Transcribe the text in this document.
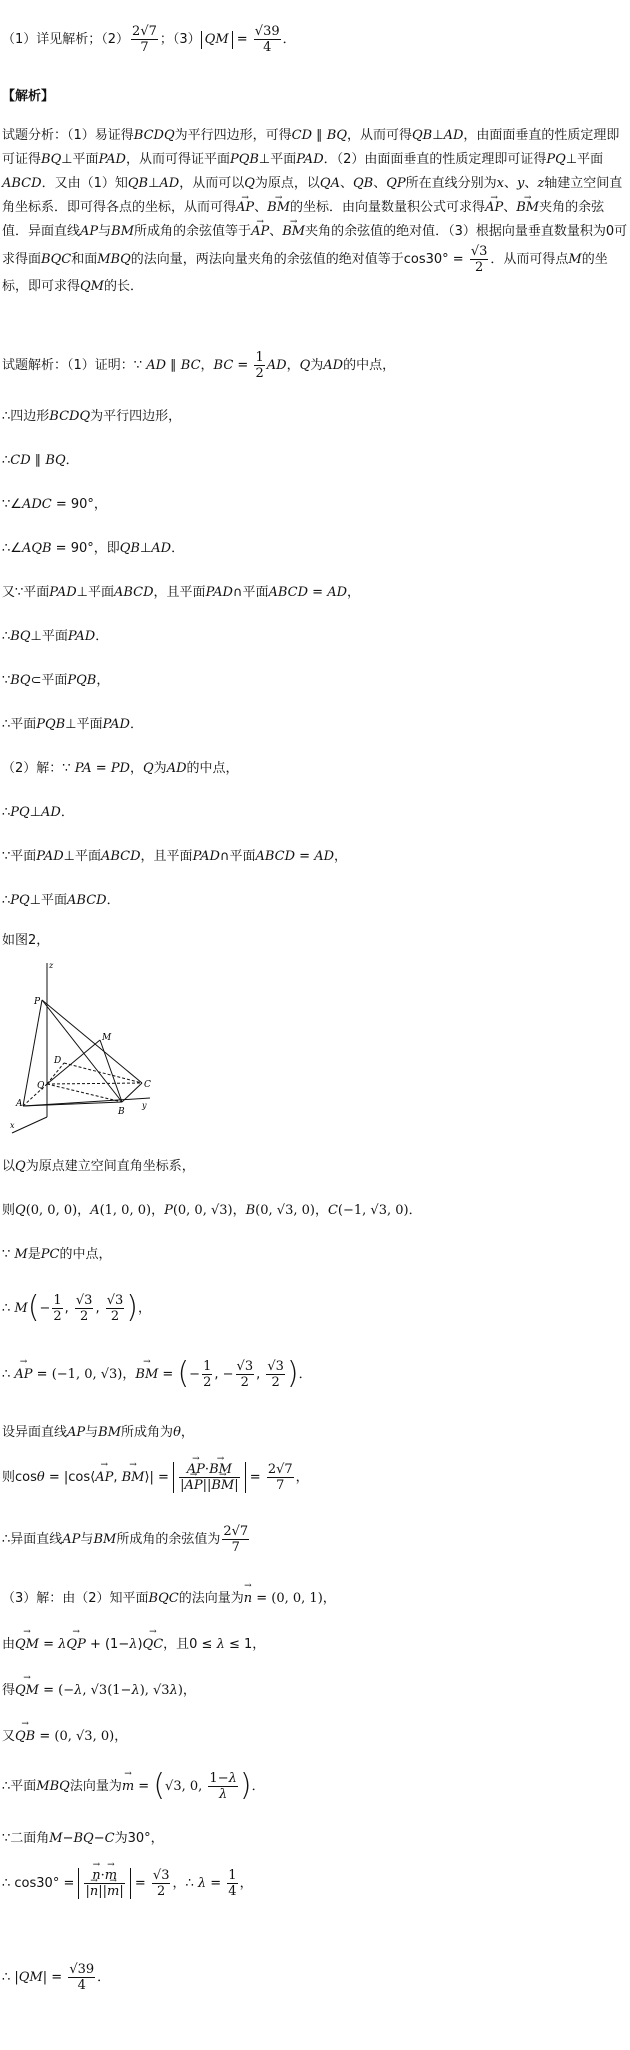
（1）详见解析；$(2) \frac{2√7}{7}$ ；（3） QM = $\frac{√39}{4}$ ．
【解析】
试题分析：（1）易证得BCDQ为平行四边形，可得CD ∥ BQ，从而可得QB⊥AD，由面面垂直的性质定理即可证得BQ⊥平面PAD，从而可得证平面PQB⊥平面PAD．（2）由面面垂直的性质定理即可证得PQ⊥平面ABCD．又由（1）知QB⊥AD，从而可以Q为原点，以QA、QB、QP所在直线分别为x、y、z轴建立空间直角坐标系．即可得各点的坐标，从而可得→ AP、→ BM的坐标．由向量数量积公式可求得→ AP、→ BM夹角的余弦值．异面直线AP与BM所成角的余弦值等于→ AP、→ BM夹角的余弦值的绝对值．（3）根据向量垂直数量积为0可求得面BQC和面MBQ的法向量，两法向量夹角的余弦值的绝对值等于$\cos 30^\circ = \frac{√3}{2}$ ．从而可得点M的坐标，即可求得QM的长．
试题解析：（1）证明：∵ AD ∥ BC，BC = $\frac{1}{2}$ AD，Q为AD的中点，
∴四边形BCDQ为平行四边形，
∴CD ∥ BQ．
∵∠ADC = 90°，
∴∠AQB = 90°，即QB⊥AD．
又∵平面PAD⊥平面ABCD，且平面PAD∩平面ABCD = AD，
∴BQ⊥平面PAD．
∵BQ⊂平面PQB，
∴平面PQB⊥平面PAD．
（2）解：∵ PA = PD，Q为AD的中点，
∴PQ⊥AD．
∵平面PAD⊥平面ABCD，且平面PAD∩平面ABCD = AD，
∴PQ⊥平面ABCD．
如图2，
z
P
M
D
Q	C
A
B
x
y
以Q为原点建立空间直角坐标系，
则Q(0, 0, 0)，A(1, 0, 0)，P(0, 0, √3)，B(0, √3, 0)，C(−1, √3, 0)．
∵ M是PC的中点，
∴ $M(- \frac{1}{2}$ , $\frac{√3}{2}$ , $\frac{√3}{2}$ )，
∴ → AP = (−1, 0, √3)，→ BM = (− $\frac{1}{2}$ , − $\frac{√3}{2}$ , $\frac{√3}{2}$ )．
设异面直线AP与BM所成角为θ，
则cosθ = |cos⟨→ AP, → BM⟩| = → $\frac{AP\cdot\to BM}{|\to AP||\to BM|} = \frac{2√7}{7}$ ，
∴异面直线AP与BM所成角的余弦值为 $\frac{2√7}{7}$
（3）解：由（2）知平面BQC的法向量为→ n = (0, 0, 1)，
由→ QM = λ→ QP + (1−λ)→ QC，且0 ≤ λ ≤ 1，
得→ QM = (−λ, √3(1−λ), √3λ)，
又→ QB = (0, √3, 0)，
∴平面MBQ法向量为→ m = (√3, 0, $\frac{1-\lambda}{\lambda}$ )．
∵二面角M−BQ−C为30°，
∴ cos30° = → $\frac{n\cdot\to m}{|\to n||\to m|} = \frac{√3}{2}$ ，∴ $\lambda = \frac{1}{4}$ ，
∴ $|QM| = \frac{√39}{4}$ ．
